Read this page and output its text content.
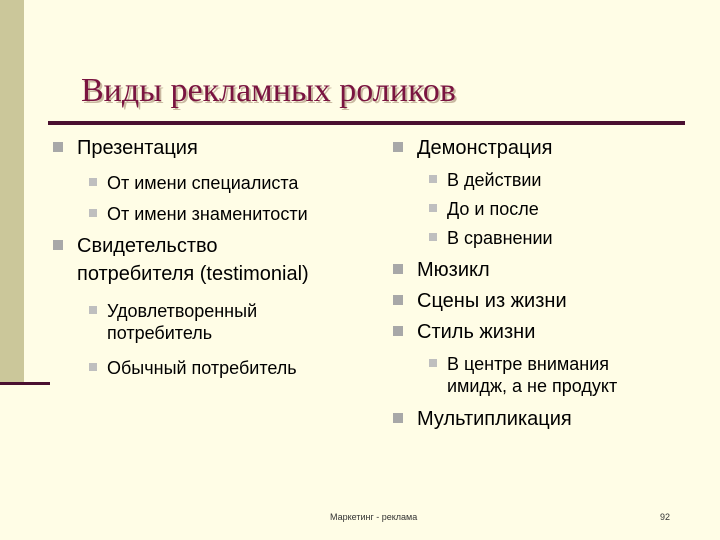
Виды рекламных роликов
Презентация
От имени специалиста
От имени знаменитости
Свидетельство
потребителя (testimonial)
Удовлетворенный
потребитель
Обычный потребитель
Демонстрация
В действии
До и после
В сравнении
Мюзикл
Сцены из жизни
Стиль жизни
В центре внимания
имидж, а не продукт
Мультипликация
Маркетинг - реклама	92
